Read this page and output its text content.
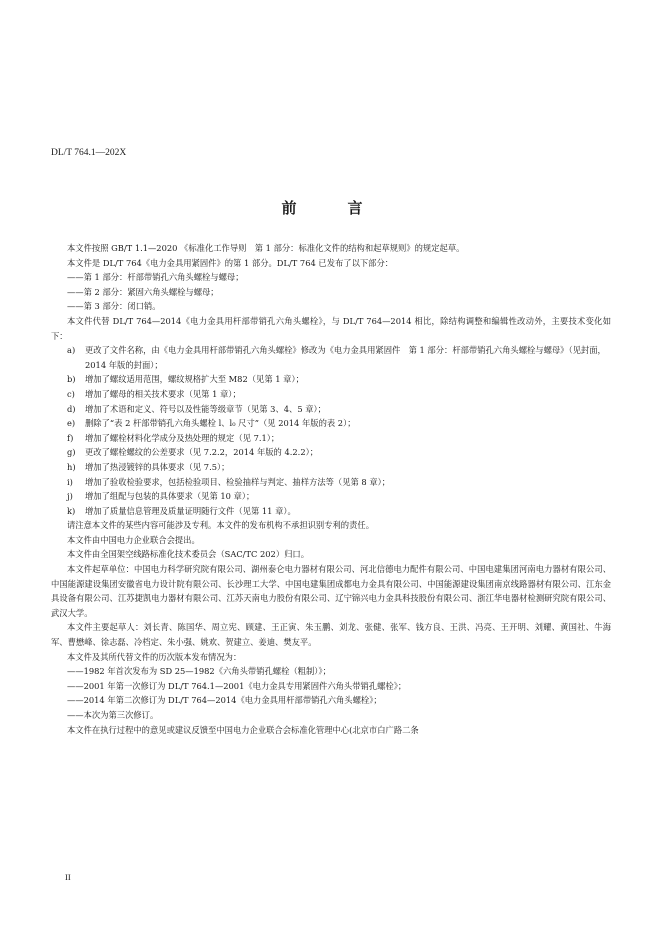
DL/T 764.1—202X
前　言

本文件按照 GB/T 1.1—2020 《标准化工作导则　第 1 部分：标准化文件的结构和起草规则》的规定起草。

本文件是 DL/T 764《电力金具用紧固件》的第 1 部分。DL/T 764 已发布了以下部分：

——第 1 部分：杆部带销孔六角头螺栓与螺母；

——第 2 部分：紧固六角头螺栓与螺母；

——第 3 部分：闭口销。

本文件代替 DL/T 764—2014《电力金具用杆部带销孔六角头螺栓》，与 DL/T 764—2014 相比，除结构调整和编辑性改动外，主要技术变化如下：

a)	更改了文件名称，由《电力金具用杆部带销孔六角头螺栓》修改为《电力金具用紧固件　第 1 部分：杆部带销孔六角头螺栓与螺母》（见封面，2014 年版的封面）；
b)	增加了螺纹适用范围，螺纹规格扩大至 M82（见第 1 章）；
c)	增加了螺母的相关技术要求（见第 1 章）；
d)	增加了术语和定义、符号以及性能等级章节（见第 3、4、5 章）；
e)	删除了“表 2 杆部带销孔六角头螺栓 l、l₀ 尺寸”（见 2014 年版的表 2）；
f)	增加了螺栓材料化学成分及热处理的规定（见 7.1）；
g)	更改了螺栓螺纹的公差要求（见 7.2.2，2014 年版的 4.2.2）；
h)	增加了热浸镀锌的具体要求（见 7.5）；
i)	增加了验收检验要求，包括检验项目、检验抽样与判定、抽样方法等（见第 8 章）；
j)	增加了组配与包装的具体要求（见第 10 章）；
k)	增加了质量信息管理及质量证明随行文件（见第 11 章）。

请注意本文件的某些内容可能涉及专利。本文件的发布机构不承担识别专利的责任。

本文件由中国电力企业联合会提出。

本文件由全国架空线路标准化技术委员会（SAC/TC 202）归口。

本文件起草单位：中国电力科学研究院有限公司、湖州泰仑电力器材有限公司、河北信德电力配件有限公司、中国电建集团河南电力器材有限公司、中国能源建设集团安徽省电力设计院有限公司、长沙理工大学、中国电建集团成都电力金具有限公司、中国能源建设集团南京线路器材有限公司、江东金具设备有限公司、江苏捷凯电力器材有限公司、江苏天南电力股份有限公司、辽宁锦兴电力金具科技股份有限公司、浙江华电器材检测研究院有限公司、武汉大学。

本文件主要起草人：刘长青、陈国华、周立宪、顾建、王正寅、朱玉鹏、刘龙、张健、张军、钱方良、王洪、冯亮、王开明、刘耀、黄国社、牛海军、曹懋峰、徐志磊、冷档定、朱小强、姚欢、贺建立、姜迪、樊友平。

本文件及其所代替文件的历次版本发布情况为：

——1982 年首次发布为 SD 25—1982《六角头带销孔螺栓（粗制）》；

——2001 年第一次修订为 DL/T 764.1—2001《电力金具专用紧固件六角头带销孔螺栓》；

——2014 年第二次修订为 DL/T 764—2014《电力金具用杆部带销孔六角头螺栓》；

——本次为第三次修订。

本文件在执行过程中的意见或建议反馈至中国电力企业联合会标准化管理中心(北京市白广路二条

II
